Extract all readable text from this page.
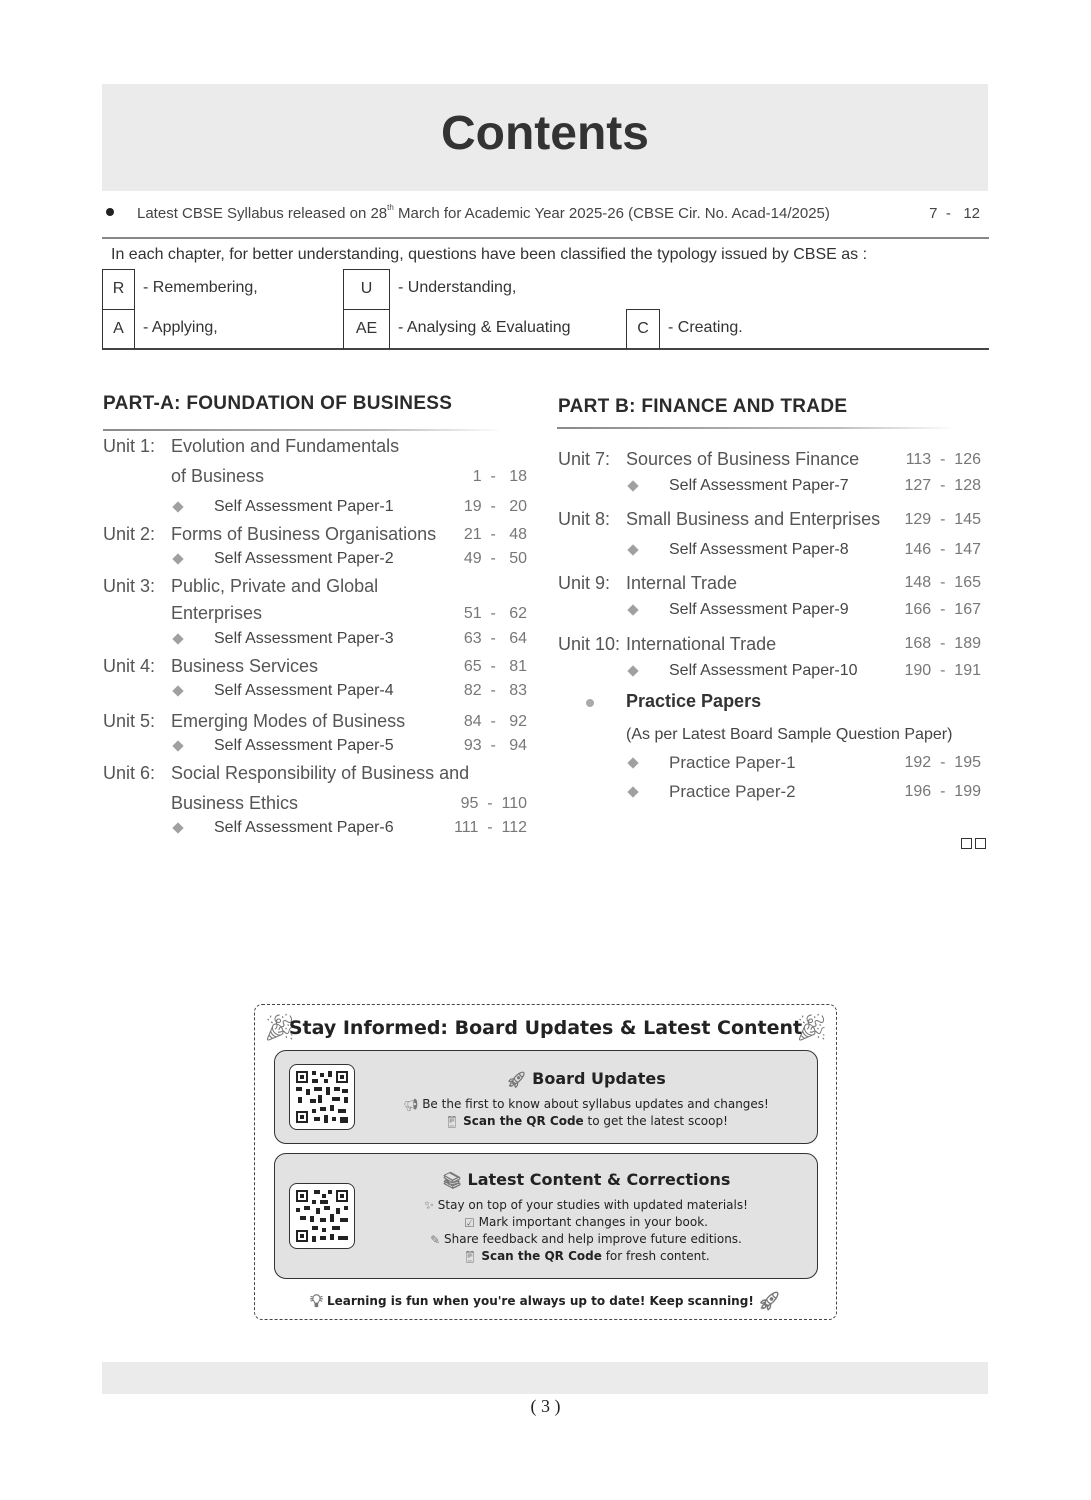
Contents
Latest CBSE Syllabus released on 28th March for Academic Year 2025-26 (CBSE Cir. No. Acad-14/2025)	7  -   12
In each chapter, for better understanding, questions have been classified the typology issued by CBSE as :
R	- Remembering,	U	- Understanding,
A	- Applying,	AE	- Analysing & Evaluating	C	- Creating.
PART-A: FOUNDATION OF BUSINESS
Unit 1: Evolution and Fundamentals
of Business	1  -   18
Self Assessment Paper-1	19  -   20
Unit 2: Forms of Business Organisations 21  -   48
Self Assessment Paper-2	49  -   50
Unit 3: Public, Private and Global
Enterprises	51  -   62
Self Assessment Paper-3	63  -   64
Unit 4: Business Services	65  -   81
Self Assessment Paper-4	82  -   83
Unit 5: Emerging Modes of Business	84  -   92
Self Assessment Paper-5	93  -   94
Unit 6: Social Responsibility of Business and
Business Ethics	95  -  110
Self Assessment Paper-6	111  -  112
PART B: FINANCE AND TRADE
Unit 7: Sources of Business Finance	113  -  126
Self Assessment Paper-7	127  -  128
Unit 8: Small Business and Enterprises 129  -  145
Self Assessment Paper-8	146  -  147
Unit 9: Internal Trade	148  -  165
Self Assessment Paper-9	166  -  167
Unit 10: International Trade	168  -  189
Self Assessment Paper-10	190  -  191
Practice Papers
(As per Latest Board Sample Question Paper)
Practice Paper-1	192  -  195
Practice Paper-2	196  -  199
🎉︎	🎉︎
Stay Informed: Board Updates & Latest Content
🚀︎ Board Updates
📢︎ Be the first to know about syllabus updates and changes!
📱︎ Scan the QR Code to get the latest scoop!
📚︎ Latest Content & Corrections
✨︎ Stay on top of your studies with updated materials!
☑ Mark important changes in your book.
✎ Share feedback and help improve future editions.
📱︎ Scan the QR Code for fresh content.
💡︎ Learning is fun when you're always up to date! Keep scanning! 🚀︎
( 3 )
